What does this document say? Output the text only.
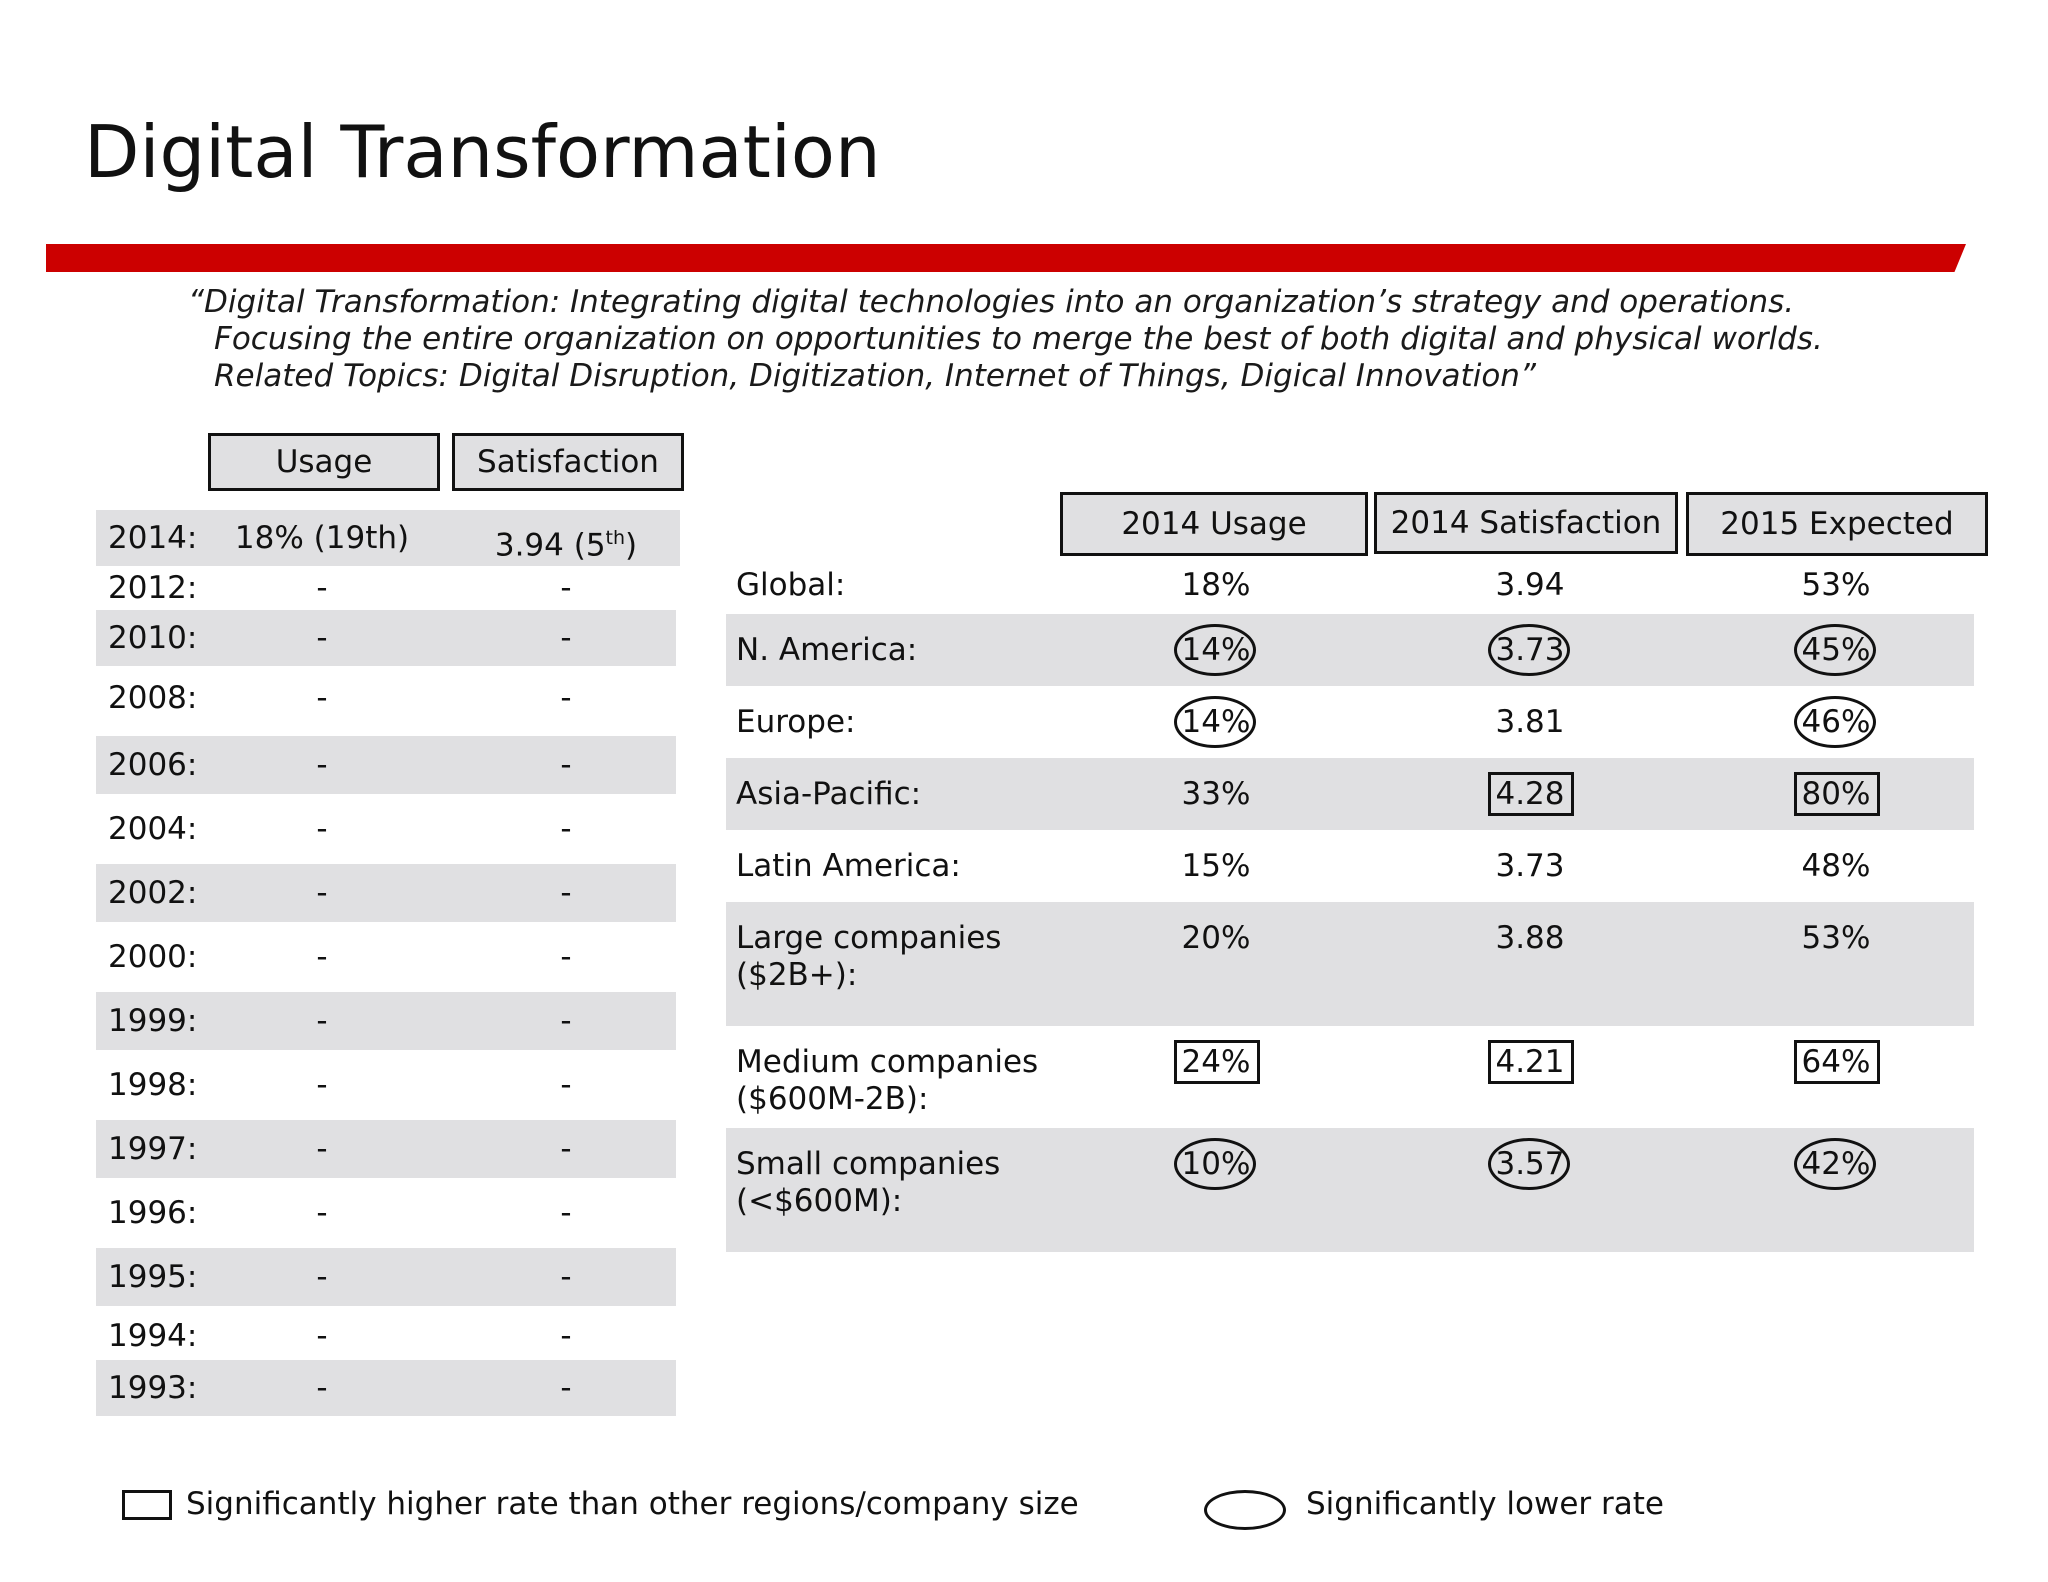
Digital Transformation
“Digital Transformation: Integrating digital technologies into an organization’s strategy and operations.
Focusing the entire organization on opportunities to merge the best of both digital and physical worlds.
Related Topics: Digital Disruption, Digitization, Internet of Things, Digical Innovation”
Usage	Satisfaction
2014:	18% (19th)	3.94 (5th)
2012:	-	-
2010:	-	-
2008:	-	-
2006:	-	-
2004:	-	-
2002:	-	-
2000:	-	-
1999:	-	-
1998:	-	-
1997:	-	-
1996:	-	-
1995:	-	-
1994:	-	-
1993:	-	-
2014 Usage	2014 Satisfaction	2015 Expected
Global:	18%	3.94	53%
N. America:	14%	3.73	45%
Europe:	14%	3.81	46%
Asia-Pacific:	33%	4.28	80%
Latin America:	15%	3.73	48%
Large companies
($2B+):
20%	3.88	53%
Medium companies
($600M-2B):
24%	4.21	64%
Small companies
(<$600M):
10%	3.57	42%
Significantly higher rate than other regions/company size	Significantly lower rate
